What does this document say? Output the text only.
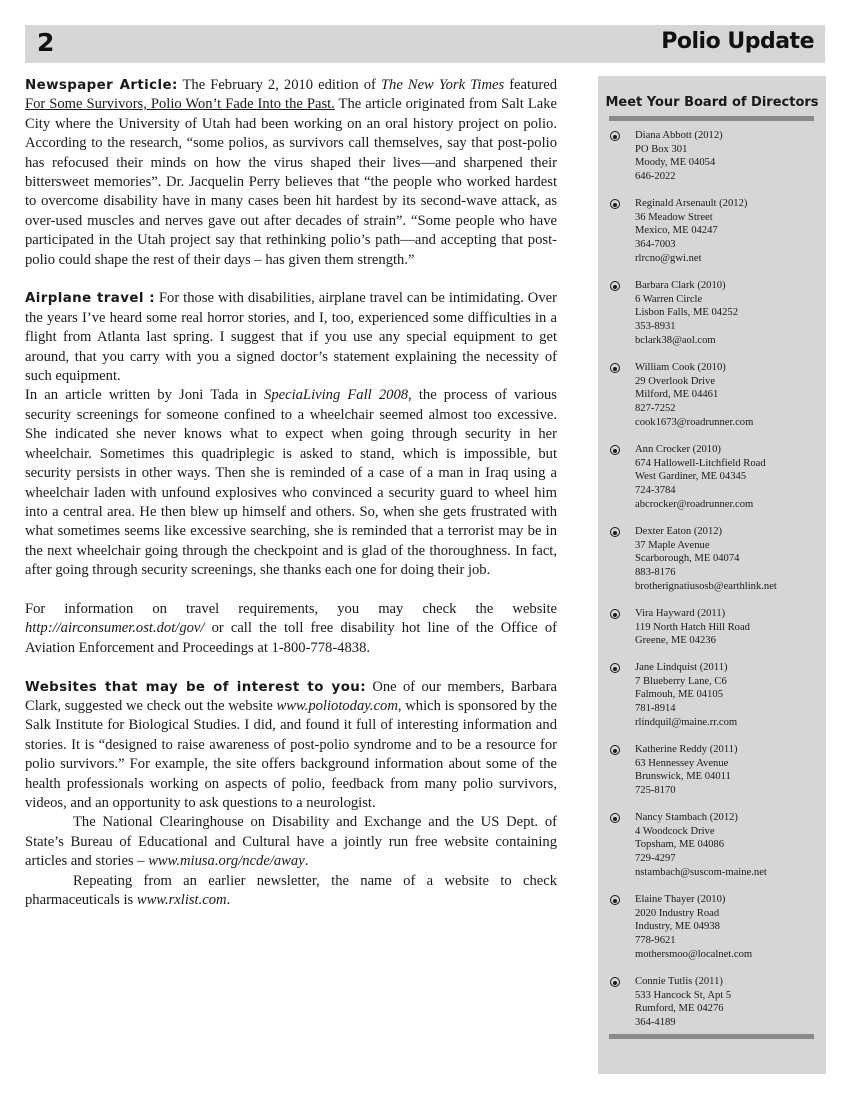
2	Polio Update

Newspaper Article: The February 2, 2010 edition of The New York Times featured For Some Survivors, Polio Won’t Fade Into the Past. The article originated from Salt Lake City where the University of Utah had been working on an oral history project on polio. According to the research, “some polios, as survivors call themselves, say that post-polio has refocused their minds on how the virus shaped their lives—and sharpened their bittersweet memories”. Dr. Jacquelin Perry believes that “the people who worked hardest to overcome disability have in many cases been hit hardest by its second-wave attack, as over-used muscles and nerves gave out after decades of strain”. “Some people who have participated in the Utah project say that rethinking polio’s path—and accepting that post-polio could shape the rest of their days – has given them strength.”

Airplane travel : For those with disabilities, airplane travel can be intimidating. Over the years I’ve heard some real horror stories, and I, too, experienced some difficulties in a flight from Atlanta last spring. I suggest that if you use any special equipment to get around, that you carry with you a signed doctor’s statement explaining the necessity of such equipment.

In an article written by Joni Tada in SpeciaLiving Fall 2008, the process of various security screenings for someone confined to a wheelchair seemed almost too excessive. She indicated she never knows what to expect when going through security in her wheelchair. Sometimes this quadriplegic is asked to stand, which is impossible, but security persists in other ways. Then she is reminded of a case of a man in Iraq using a wheelchair laden with unfound explosives who convinced a security guard to wheel him into a central area. He then blew up himself and others. So, when she gets frustrated with what sometimes seems like excessive searching, she is reminded that a terrorist may be in the next wheelchair going through the checkpoint and is glad of the thoroughness. In fact, after going through security screenings, she thanks each one for doing their job.

For information on travel requirements, you may check the website http://airconsumer.ost.dot/gov/ or call the toll free disability hot line of the Office of Aviation Enforcement and Proceedings at 1-800-778-4838.

Websites that may be of interest to you: One of our members, Barbara Clark, suggested we check out the website www.poliotoday.com, which is sponsored by the Salk Institute for Biological Studies. I did, and found it full of interesting information and stories. It is “designed to raise awareness of post-polio syndrome and to be a resource for polio survivors.” For example, the site offers background information about some of the health professionals working on aspects of polio, feedback from many polio survivors, videos, and an opportunity to ask questions to a neurologist.

The National Clearinghouse on Disability and Exchange and the US Dept. of State’s Bureau of Educational and Cultural have a jointly run free website containing articles and stories – www.miusa.org/ncde/away.

Repeating from an earlier newsletter, the name of a website to check pharmaceuticals is www.rxlist.com.

Meet Your Board of Directors
Diana Abbott (2012)
PO Box 301
Moody, ME 04054
646-2022
Reginald Arsenault (2012)
36 Meadow Street
Mexico, ME 04247
364-7003
rlrcno@gwi.net
Barbara Clark (2010)
6 Warren Circle
Lisbon Falls, ME 04252
353-8931
bclark38@aol.com
William Cook (2010)
29 Overlook Drive
Milford, ME 04461
827-7252
cook1673@roadrunner.com
Ann Crocker (2010)
674 Hallowell-Litchfield Road
West Gardiner, ME 04345
724-3784
abcrocker@roadrunner.com
Dexter Eaton (2012)
37 Maple Avenue
Scarborough, ME 04074
883-8176
brotherignatiusosb@earthlink.net
Vira Hayward (2011)
119 North Hatch Hill Road
Greene, ME 04236
Jane Lindquist (2011)
7 Blueberry Lane, C6
Falmouh, ME 04105
781-8914
rlindquil@maine.rr.com
Katherine Reddy (2011)
63 Hennessey Avenue
Brunswick, ME 04011
725-8170
Nancy Stambach (2012)
4 Woodcock Drive
Topsham, ME 04086
729-4297
nstambach@suscom-maine.net
Elaine Thayer (2010)
2020 Industry Road
Industry, ME 04938
778-9621
mothersmoo@localnet.com
Connie Tutlis (2011)
533 Hancock St, Apt 5
Rumford, ME 04276
364-4189
